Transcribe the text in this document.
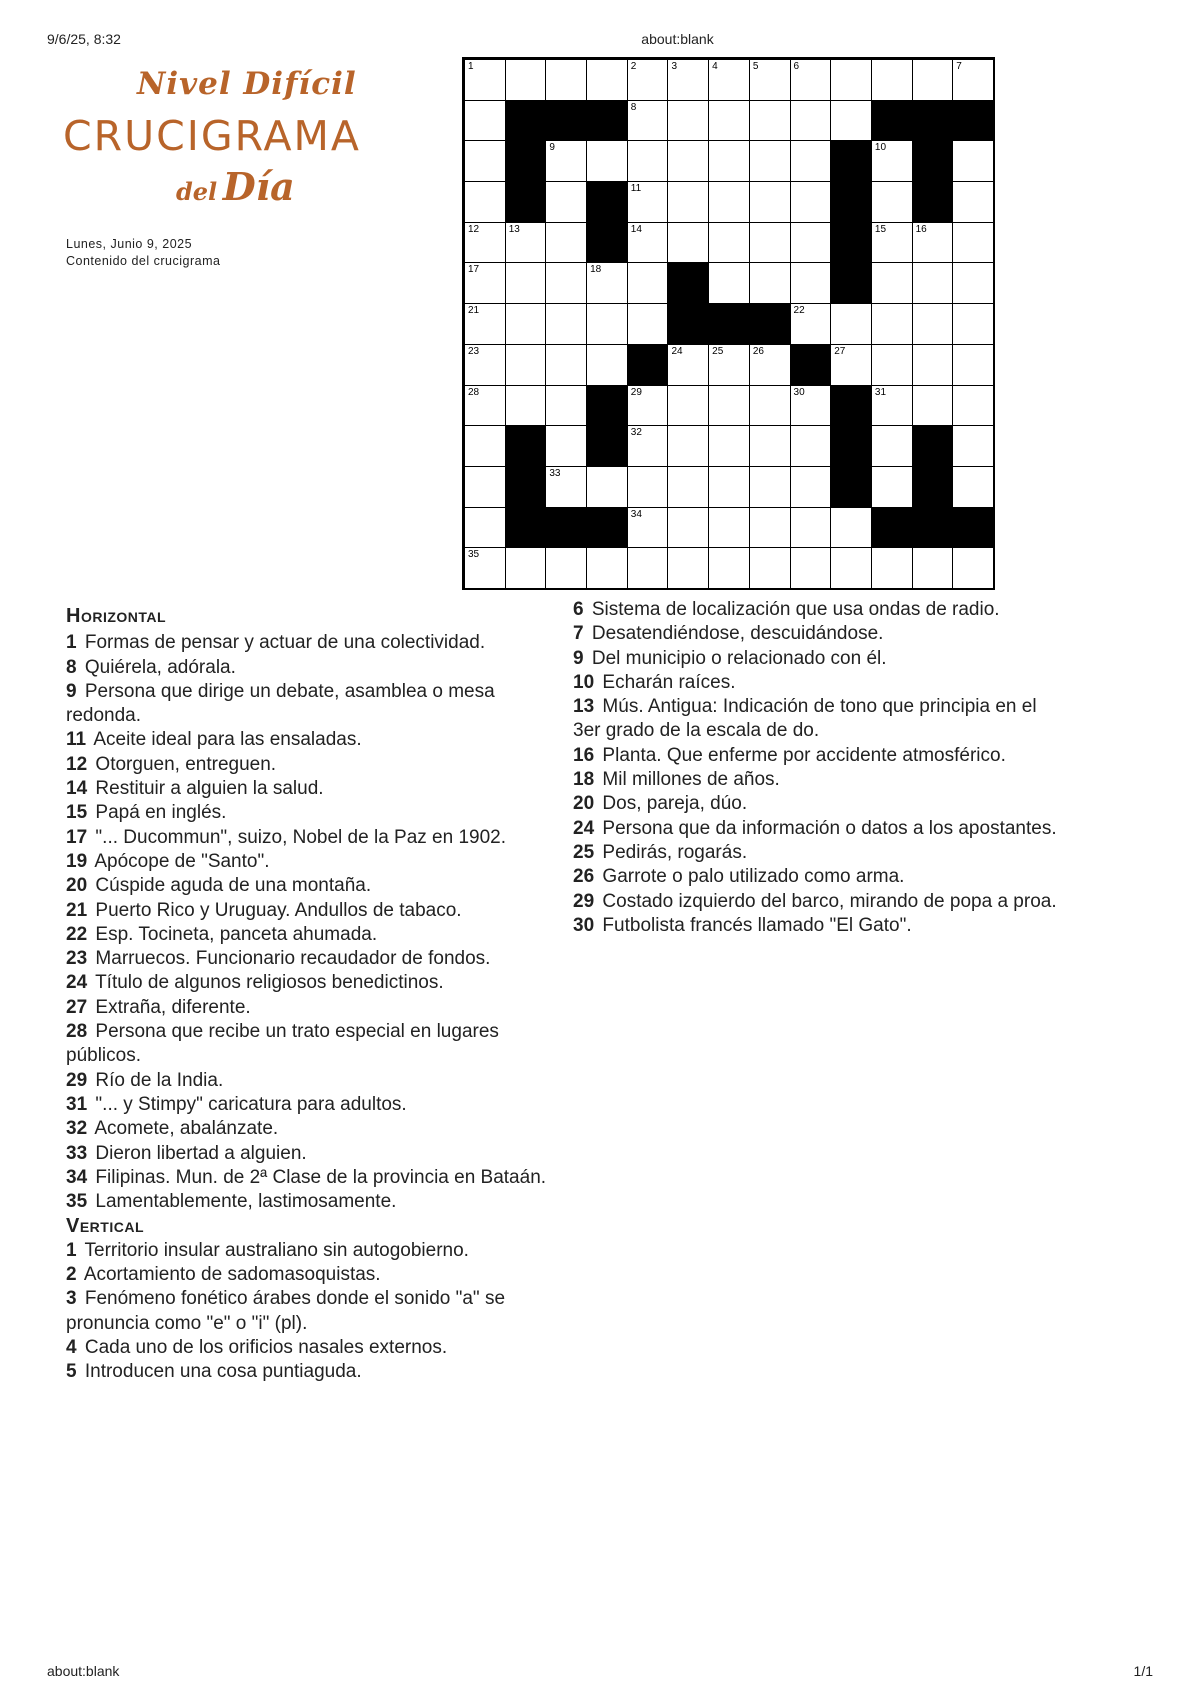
9/6/25, 8:32	about:blank
Nivel Difícil
CRUCIGRAMA
del Día
Lunes, Junio 9, 2025
Contenido del crucigrama
1	2	3	4	5	6	7
8
9	10
11
12	13	14	15	16
17	18	19	20
21	22
23	24	25	26	27
28	29	30	31
32
33
34
35
Horizontal
1 Formas de pensar y actuar de una colectividad.
8 Quiérela, adórala.
9 Persona que dirige un debate, asamblea o mesa redonda.
11 Aceite ideal para las ensaladas.
12 Otorguen, entreguen.
14 Restituir a alguien la salud.
15 Papá en inglés.
17 "... Ducommun", suizo, Nobel de la Paz en 1902.
19 Apócope de "Santo".
20 Cúspide aguda de una montaña.
21 Puerto Rico y Uruguay. Andullos de tabaco.
22 Esp. Tocineta, panceta ahumada.
23 Marruecos. Funcionario recaudador de fondos.
24 Título de algunos religiosos benedictinos.
27 Extraña, diferente.
28 Persona que recibe un trato especial en lugares públicos.
29 Río de la India.
31 "... y Stimpy" caricatura para adultos.
32 Acomete, abalánzate.
33 Dieron libertad a alguien.
34 Filipinas. Mun. de 2ª Clase de la provincia en Bataán.
35 Lamentablemente, lastimosamente.
Vertical
1 Territorio insular australiano sin autogobierno.
2 Acortamiento de sadomasoquistas.
3 Fenómeno fonético árabes donde el sonido "a" se pronuncia como "e" o "i" (pl).
4 Cada uno de los orificios nasales externos.
5 Introducen una cosa puntiaguda.
6 Sistema de localización que usa ondas de radio.
7 Desatendiéndose, descuidándose.
9 Del municipio o relacionado con él.
10 Echarán raíces.
13 Mús. Antigua: Indicación de tono que principia en el 3er grado de la escala de do.
16 Planta. Que enferme por accidente atmosférico.
18 Mil millones de años.
20 Dos, pareja, dúo.
24 Persona que da información o datos a los apostantes.
25 Pedirás, rogarás.
26 Garrote o palo utilizado como arma.
29 Costado izquierdo del barco, mirando de popa a proa.
30 Futbolista francés llamado "El Gato".
about:blank	1/1
